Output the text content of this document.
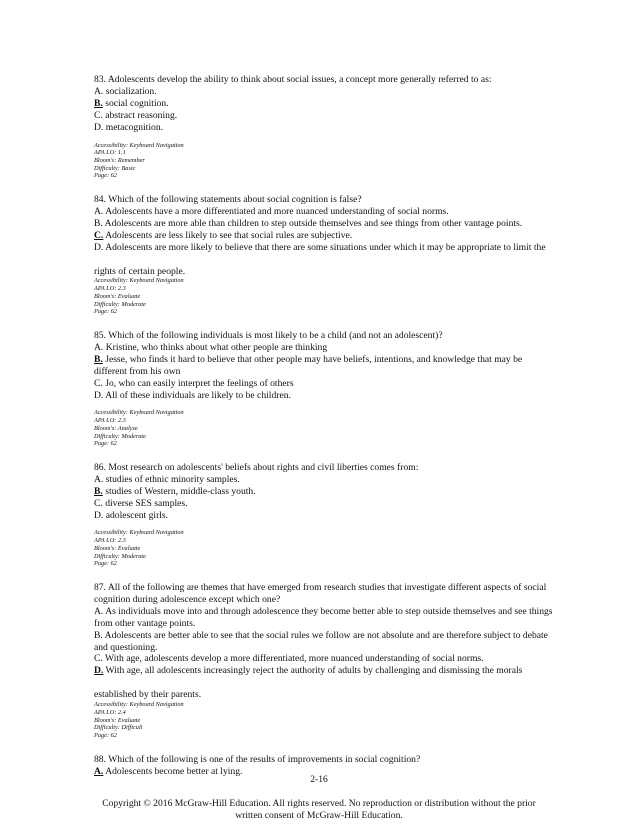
83. Adolescents develop the ability to think about social issues, a concept more generally referred to as:
A. socialization.
B. social cognition.
C. abstract reasoning.
D. metacognition.
Accessibility: Keyboard Navigation
APA LO: 1.1
Bloom's: Remember
Difficulty: Basic
Page: 62
84. Which of the following statements about social cognition is false?
A. Adolescents have a more differentiated and more nuanced understanding of social norms.
B. Adolescents are more able than children to step outside themselves and see things from other vantage points.
C. Adolescents are less likely to see that social rules are subjective.
D. Adolescents are more likely to believe that there are some situations under which it may be appropriate to limit the
rights of certain people.
Accessibility: Keyboard Navigation
APA LO: 2.3
Bloom's: Evaluate
Difficulty: Moderate
Page: 62
85. Which of the following individuals is most likely to be a child (and not an adolescent)?
A. Kristine, who thinks about what other people are thinking
B. Jesse, who finds it hard to believe that other people may have beliefs, intentions, and knowledge that may be different from his own
C. Jo, who can easily interpret the feelings of others
D. All of these individuals are likely to be children.
Accessibility: Keyboard Navigation
APA LO: 2.3
Bloom's: Analyze
Difficulty: Moderate
Page: 62
86. Most research on adolescents' beliefs about rights and civil liberties comes from:
A. studies of ethnic minority samples.
B. studies of Western, middle-class youth.
C. diverse SES samples.
D. adolescent girls.
Accessibility: Keyboard Navigation
APA LO: 2.3
Bloom's: Evaluate
Difficulty: Moderate
Page: 62
87. All of the following are themes that have emerged from research studies that investigate different aspects of social cognition during adolescence except which one?
A. As individuals move into and through adolescence they become better able to step outside themselves and see things from other vantage points.
B. Adolescents are better able to see that the social rules we follow are not absolute and are therefore subject to debate and questioning.
C. With age, adolescents develop a more differentiated, more nuanced understanding of social norms.
D. With age, all adolescents increasingly reject the authority of adults by challenging and dismissing the morals
established by their parents.
Accessibility: Keyboard Navigation
APA LO: 2.4
Bloom's: Evaluate
Difficulty: Difficult
Page: 62
88. Which of the following is one of the results of improvements in social cognition?
A. Adolescents become better at lying.
2-16
Copyright © 2016 McGraw-Hill Education. All rights reserved. No reproduction or distribution without the prior
written consent of McGraw-Hill Education.
